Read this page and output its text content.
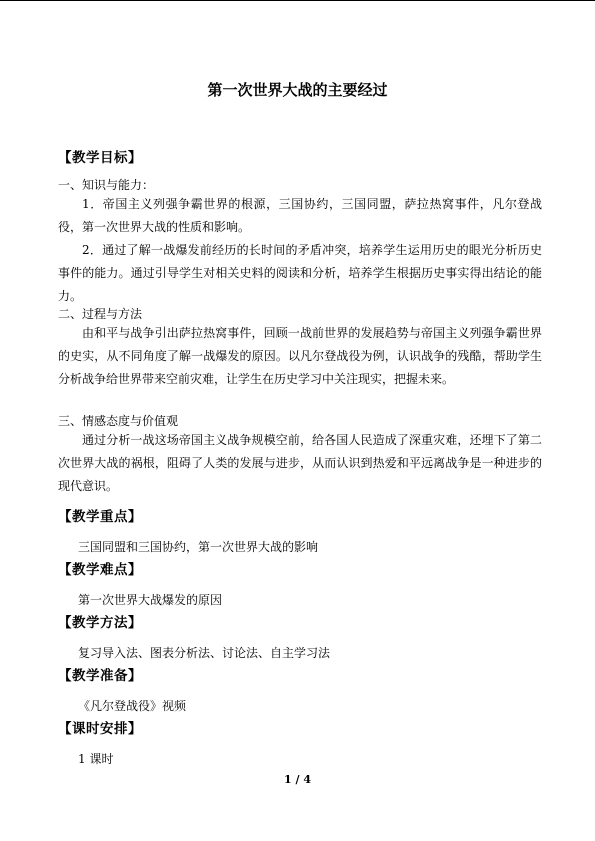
第一次世界大战的主要经过
【教学目标】
一、知识与能力：

1．帝国主义列强争霸世界的根源，三国协约，三国同盟，萨拉热窝事件，凡尔登战役，第一次世界大战的性质和影响。

2．通过了解一战爆发前经历的长时间的矛盾冲突，培养学生运用历史的眼光分析历史事件的能力。通过引导学生对相关史料的阅读和分析，培养学生根据历史事实得出结论的能力。

二、过程与方法

由和平与战争引出萨拉热窝事件，回顾一战前世界的发展趋势与帝国主义列强争霸世界的史实，从不同角度了解一战爆发的原因。以凡尔登战役为例，认识战争的残酷，帮助学生分析战争给世界带来空前灾难，让学生在历史学习中关注现实，把握未来。

三、情感态度与价值观

通过分析一战这场帝国主义战争规模空前，给各国人民造成了深重灾难，还埋下了第二次世界大战的祸根，阻碍了人类的发展与进步，从而认识到热爱和平远离战争是一种进步的现代意识。

【教学重点】
三国同盟和三国协约，第一次世界大战的影响
【教学难点】
第一次世界大战爆发的原因
【教学方法】
复习导入法、图表分析法、讨论法、自主学习法
【教学准备】
《凡尔登战役》视频
【课时安排】
1 课时
1 / 4
